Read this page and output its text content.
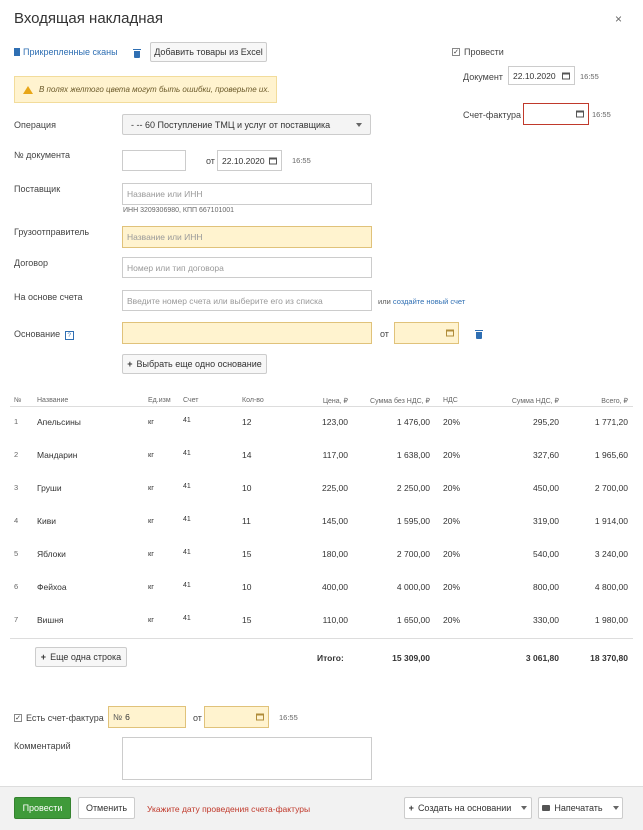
Входящая накладная	×
Прикрепленные сканы
	Добавить товары из Excel	✓ Провести
Документ 22.10.2020	16:55
Счет-фактура	16:55
В полях желтого цвета могут быть ошибки, проверьте их.
Операция	- -- 60 Поступление ТМЦ и услуг от поставщика
№ документа
от 22.10.2020	16:55
Поставщик	Название или ИНН
ИНН 3209306980, КПП 667101001
Грузоотправитель	Название или ИНН
Договор	Номер или тип договора
На основе счета	Введите номер счета или выберите его из списка	или создайте новый счет
Основание ?	от
+ Выбрать еще одно основание
№ Название	Ед.изм Счет	Кол-во	Цена, ₽	Сумма без НДС, ₽ НДС	Сумма НДС, ₽	Всего, ₽
1	Апельсины	кг	41	12	123,00	1 476,00 20%	295,20	1 771,20
2	Мандарин	кг	41	14	117,00	1 638,00 20%	327,60	1 965,60
3	Груши	кг	41	10	225,00	2 250,00 20%	450,00	2 700,00
4	Киви	кг	41	11	145,00	1 595,00 20%	319,00	1 914,00
5	Яблоки	кг	41	15	180,00	2 700,00 20%	540,00	3 240,00
6	Фейхоа	кг	41	10	400,00	4 000,00 20%	800,00	4 800,00
7	Вишня	кг	41	15	110,00	1 650,00 20%	330,00	1 980,00
+ Еще одна строка	Итого:	15 309,00	3 061,80	18 370,80
✓ Есть счет-фактура № 6	от	16:55
Комментарий
Провести	Отменить	Укажите дату проведения счета-фактуры	+ Создать на основании	Напечатать
